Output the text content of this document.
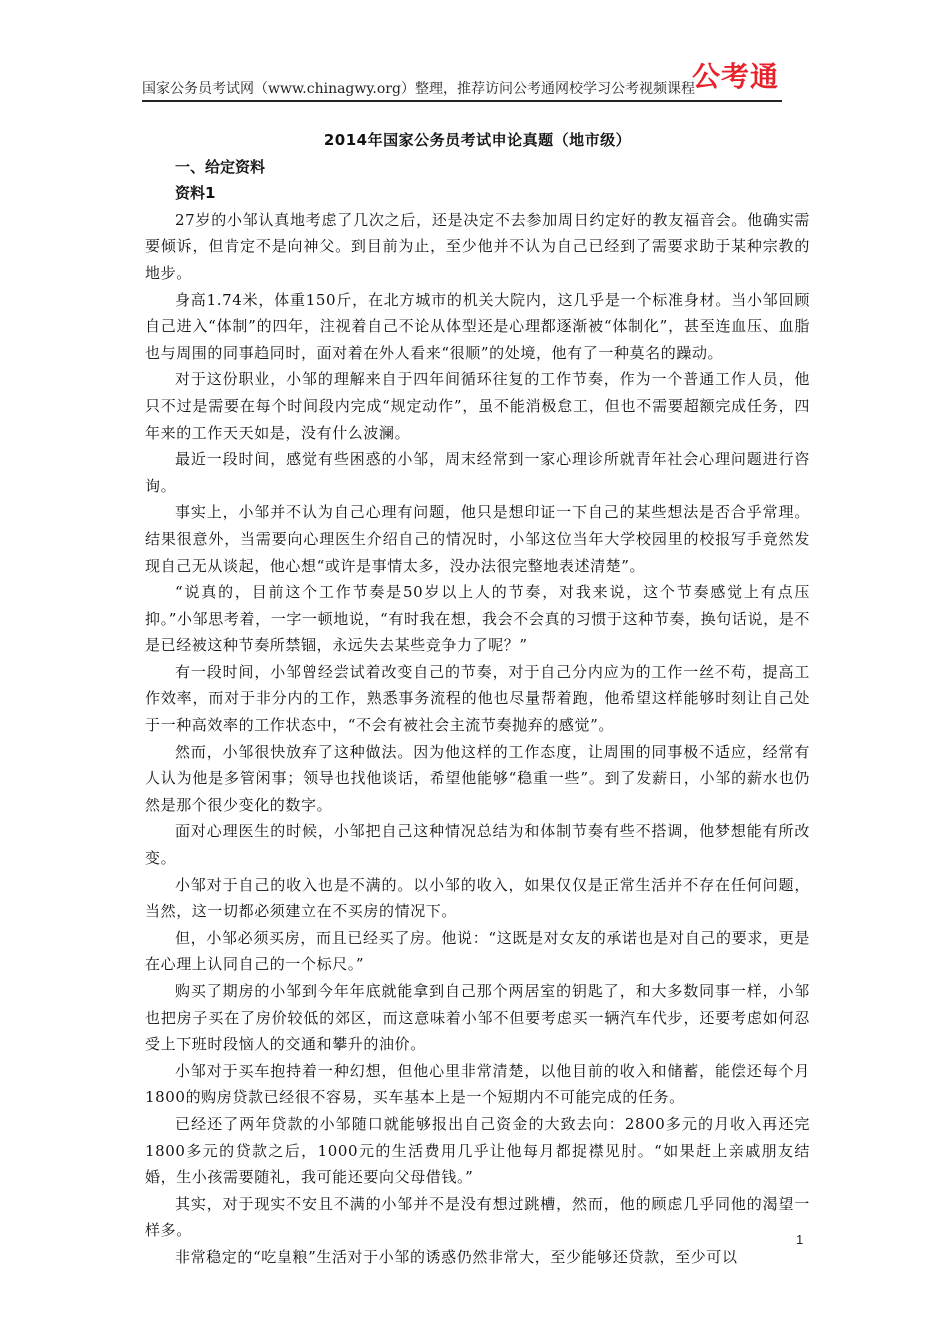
国家公务员考试网（www.chinagwy.org）整理，推荐访问公考通网校学习公考视频课程
公考通
2014年国家公务员考试申论真题（地市级）

一、给定资料

资料1

27岁的小邹认真地考虑了几次之后，还是决定不去参加周日约定好的教友福音会。他确实需要倾诉，但肯定不是向神父。到目前为止，至少他并不认为自己已经到了需要求助于某种宗教的地步。

身高1.74米，体重150斤，在北方城市的机关大院内，这几乎是一个标准身材。当小邹回顾自己进入“体制”的四年，注视着自己不论从体型还是心理都逐渐被“体制化”，甚至连血压、血脂也与周围的同事趋同时，面对着在外人看来“很顺”的处境，他有了一种莫名的躁动。

对于这份职业，小邹的理解来自于四年间循环往复的工作节奏，作为一个普通工作人员，他只不过是需要在每个时间段内完成“规定动作”，虽不能消极怠工，但也不需要超额完成任务，四年来的工作天天如是，没有什么波澜。

最近一段时间，感觉有些困惑的小邹，周末经常到一家心理诊所就青年社会心理问题进行咨询。

事实上，小邹并不认为自己心理有问题，他只是想印证一下自己的某些想法是否合乎常理。结果很意外，当需要向心理医生介绍自己的情况时，小邹这位当年大学校园里的校报写手竟然发现自己无从谈起，他心想“或许是事情太多，没办法很完整地表述清楚”。

“说真的，目前这个工作节奏是50岁以上人的节奏，对我来说，这个节奏感觉上有点压抑。”小邹思考着，一字一顿地说，“有时我在想，我会不会真的习惯于这种节奏，换句话说，是不是已经被这种节奏所禁锢，永远失去某些竞争力了呢？”

有一段时间，小邹曾经尝试着改变自己的节奏，对于自己分内应为的工作一丝不苟，提高工作效率，而对于非分内的工作，熟悉事务流程的他也尽量帮着跑，他希望这样能够时刻让自己处于一种高效率的工作状态中，“不会有被社会主流节奏抛弃的感觉”。

然而，小邹很快放弃了这种做法。因为他这样的工作态度，让周围的同事极不适应，经常有人认为他是多管闲事；领导也找他谈话，希望他能够“稳重一些”。到了发薪日，小邹的薪水也仍然是那个很少变化的数字。

面对心理医生的时候，小邹把自己这种情况总结为和体制节奏有些不搭调，他梦想能有所改变。

小邹对于自己的收入也是不满的。以小邹的收入，如果仅仅是正常生活并不存在任何问题，当然，这一切都必须建立在不买房的情况下。

但，小邹必须买房，而且已经买了房。他说：“这既是对女友的承诺也是对自己的要求，更是在心理上认同自己的一个标尺。”

购买了期房的小邹到今年年底就能拿到自己那个两居室的钥匙了，和大多数同事一样，小邹也把房子买在了房价较低的郊区，而这意味着小邹不但要考虑买一辆汽车代步，还要考虑如何忍受上下班时段恼人的交通和攀升的油价。

小邹对于买车抱持着一种幻想，但他心里非常清楚，以他目前的收入和储蓄，能偿还每个月1800的购房贷款已经很不容易，买车基本上是一个短期内不可能完成的任务。

已经还了两年贷款的小邹随口就能够报出自己资金的大致去向：2800多元的月收入再还完1800多元的贷款之后，1000元的生活费用几乎让他每月都捉襟见肘。“如果赶上亲戚朋友结婚，生小孩需要随礼，我可能还要向父母借钱。”

其实，对于现实不安且不满的小邹并不是没有想过跳槽，然而，他的顾虑几乎同他的渴望一样多。

非常稳定的“吃皇粮”生活对于小邹的诱惑仍然非常大，至少能够还贷款，至少可以

1
